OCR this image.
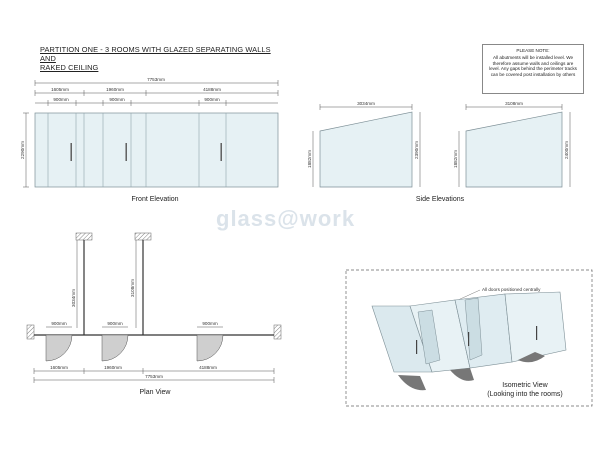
glass@work
PARTITION ONE - 3 ROOMS WITH GLAZED SEPARATING WALLS AND
RAKED CEILING
PLEASE NOTE:
All abutments will be installed level. We therefore assume walls and ceilings are level. Any gaps behind the perimeter tracks can be covered post installation by others
7753mm
1605mm	1960mm	4188mm
900mm	900mm	900mm
2290mm
3034mm
1882mm
2390mm
3108mm
1882mm
2400mm
3034mm
3108mm
900mm	900mm	900mm
1605mm	1960mm	4188mm
7753mm
All doors positioned centrally
Front Elevation	Side Elevations
Plan View
Isometric View
(Looking into the rooms)
